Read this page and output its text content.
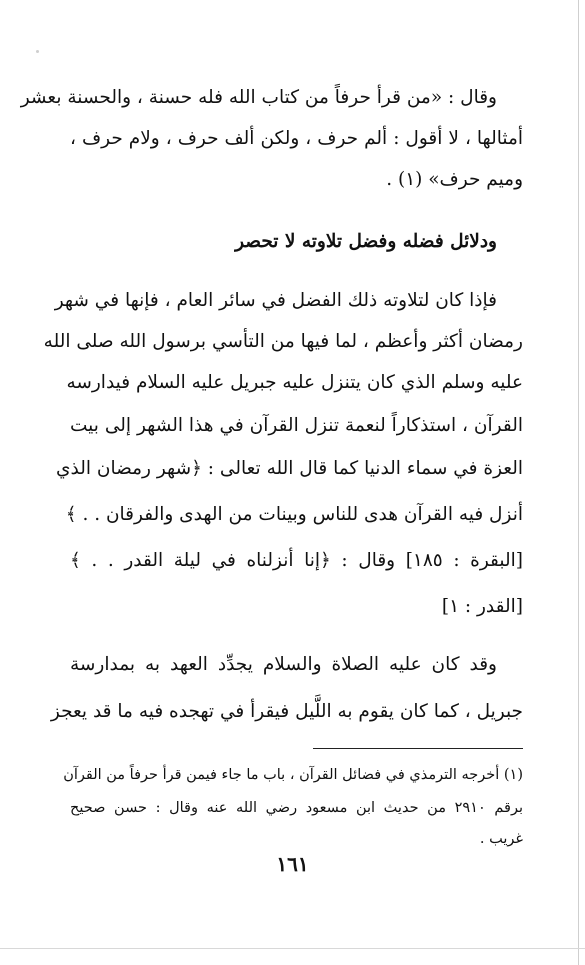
وقال : «من قرأ حرفاً من كتاب الله فله حسنة ، والحسنة بعشر
أمثالها ، لا أقول : ألم حرف ، ولكن ألف حرف ، ولام حرف ،
وميم حرف» (١) .
ودلائل فضله وفضل تلاوته لا تحصر
فإذا كان لتلاوته ذلك الفضل في سائر العام ، فإنها في شهر
رمضان أكثر وأعظم ، لما فيها من التأسي برسول الله صلى الله
عليه وسلم الذي كان يتنزل عليه جبريل عليه السلام فيدارسه
القرآن ، استذكاراً لنعمة تنزل القرآن في هذا الشهر إلى بيت
العزة في سماء الدنيا كما قال الله تعالى : ﴿شهر رمضان الذي
أنزل فيه القرآن هدى للناس وبينات من الهدى والفرقان . . ﴾
[البقرة : ١٨٥] وقال : ﴿إنا أنزلناه في ليلة القدر . . ﴾
[القدر : ١]
وقد كان عليه الصلاة والسلام يجدِّد العهد به بمدارسة
جبريل ، كما كان يقوم به اللَّيل فيقرأ في تهجده فيه ما قد يعجز
(١) أخرجه الترمذي في فضائل القرآن ، باب ما جاء فيمن قرأ حرفاً من القرآن
برقم ٢٩١٠ من حديث ابن مسعود رضي الله عنه وقال : حسن صحيح
غريب .
١٦١
